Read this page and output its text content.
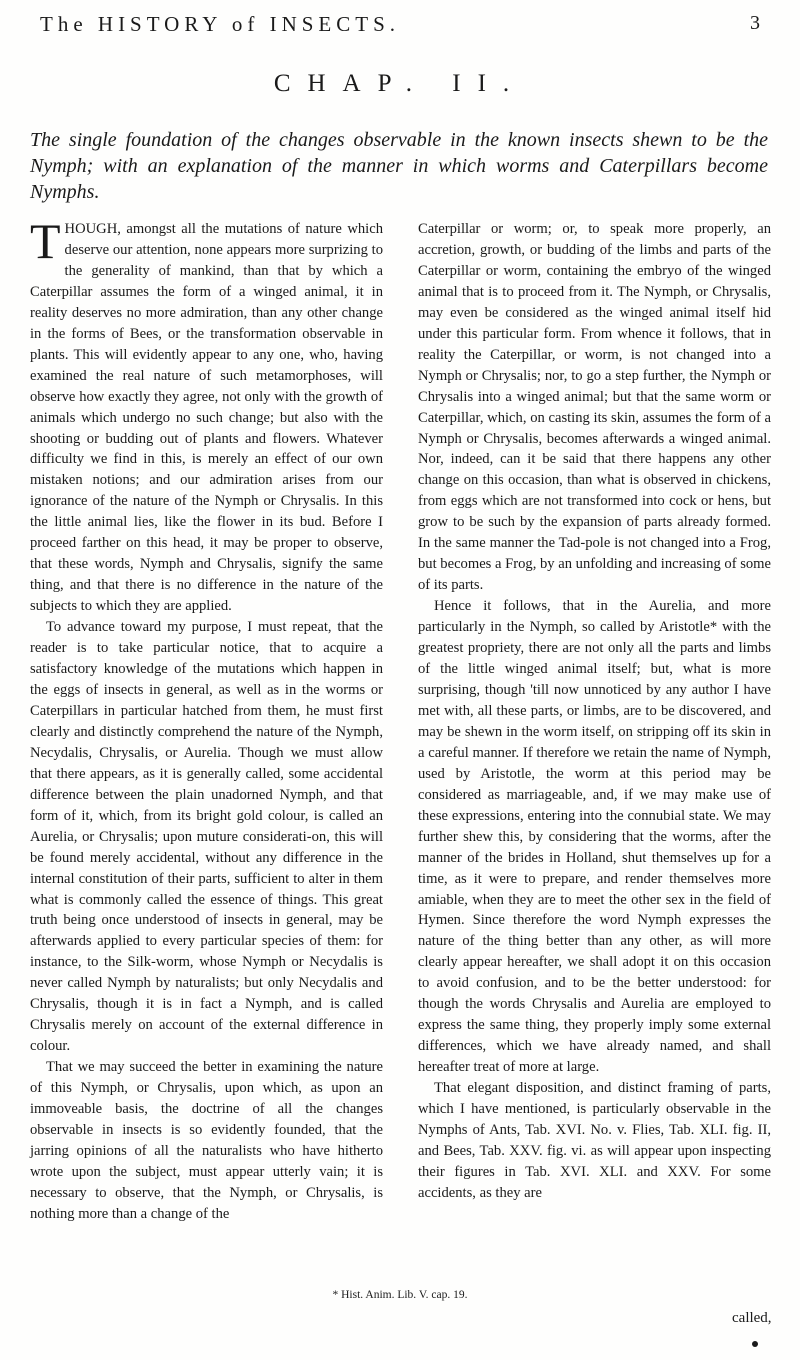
The HISTORY of INSECTS.	3
CHAP. II.
The single foundation of the changes observable in the known insects shewn to be the Nymph; with an explanation of the manner in which worms and Caterpillars become Nymphs.

THOUGH, amongst all the mutations of nature which deserve our attention, none appears more surprizing to the generality of mankind, than that by which a Caterpillar assumes the form of a winged animal, it in reality deserves no more admiration, than any other change in the forms of Bees, or the transformation observable in plants. This will evidently appear to any one, who, having examined the real nature of such metamorphoses, will observe how exactly they agree, not only with the growth of animals which undergo no such change; but also with the shooting or budding out of plants and flowers. Whatever difficulty we find in this, is merely an effect of our own mistaken notions; and our admiration arises from our ignorance of the nature of the Nymph or Chrysalis. In this the little animal lies, like the flower in its bud. Before I proceed farther on this head, it may be proper to observe, that these words, Nymph and Chrysalis, signify the same thing, and that there is no difference in the nature of the subjects to which they are applied.

To advance toward my purpose, I must repeat, that the reader is to take particular notice, that to acquire a satisfactory knowledge of the mutations which happen in the eggs of insects in general, as well as in the worms or Caterpillars in particular hatched from them, he must first clearly and distinctly comprehend the nature of the Nymph, Necydalis, Chrysalis, or Aurelia. Though we must allow that there appears, as it is generally called, some accidental difference between the plain unadorned Nymph, and that form of it, which, from its bright gold colour, is called an Aurelia, or Chrysalis; upon muture considerati-on, this will be found merely accidental, without any difference in the internal constitution of their parts, sufficient to alter in them what is commonly called the essence of things. This great truth being once understood of insects in general, may be afterwards applied to every particular species of them: for instance, to the Silk-worm, whose Nymph or Necydalis is never called Nymph by naturalists; but only Necydalis and Chrysalis, though it is in fact a Nymph, and is called Chrysalis merely on account of the external difference in colour.

That we may succeed the better in examining the nature of this Nymph, or Chrysalis, upon which, as upon an immoveable basis, the doctrine of all the changes observable in insects is so evidently founded, that the jarring opinions of all the naturalists who have hitherto wrote upon the subject, must appear utterly vain; it is necessary to observe, that the Nymph, or Chrysalis, is nothing more than a change of the

Caterpillar or worm; or, to speak more properly, an accretion, growth, or budding of the limbs and parts of the Caterpillar or worm, containing the embryo of the winged animal that is to proceed from it. The Nymph, or Chrysalis, may even be considered as the winged animal itself hid under this particular form. From whence it follows, that in reality the Caterpillar, or worm, is not changed into a Nymph or Chrysalis; nor, to go a step further, the Nymph or Chrysalis into a winged animal; but that the same worm or Caterpillar, which, on casting its skin, assumes the form of a Nymph or Chrysalis, becomes afterwards a winged animal. Nor, indeed, can it be said that there happens any other change on this occasion, than what is observed in chickens, from eggs which are not transformed into cock or hens, but grow to be such by the expansion of parts already formed. In the same manner the Tad-pole is not changed into a Frog, but becomes a Frog, by an unfolding and increasing of some of its parts.

Hence it follows, that in the Aurelia, and more particularly in the Nymph, so called by Aristotle* with the greatest propriety, there are not only all the parts and limbs of the little winged animal itself; but, what is more surprising, though 'till now unnoticed by any author I have met with, all these parts, or limbs, are to be discovered, and may be shewn in the worm itself, on stripping off its skin in a careful manner. If therefore we retain the name of Nymph, used by Aristotle, the worm at this period may be considered as marriageable, and, if we may make use of these expressions, entering into the connubial state. We may further shew this, by considering that the worms, after the manner of the brides in Holland, shut themselves up for a time, as it were to prepare, and render themselves more amiable, when they are to meet the other sex in the field of Hymen. Since therefore the word Nymph expresses the nature of the thing better than any other, as will more clearly appear hereafter, we shall adopt it on this occasion to avoid confusion, and to be the better understood: for though the words Chrysalis and Aurelia are employed to express the same thing, they properly imply some external differences, which we have already named, and shall hereafter treat of more at large.

That elegant disposition, and distinct framing of parts, which I have mentioned, is particularly observable in the Nymphs of Ants, Tab. XVI. No. v. Flies, Tab. XLI. fig. II, and Bees, Tab. XXV. fig. vi. as will appear upon inspecting their figures in Tab. XVI. XLI. and XXV. For some accidents, as they are

* Hist. Anim. Lib. V. cap. 19.
called,
